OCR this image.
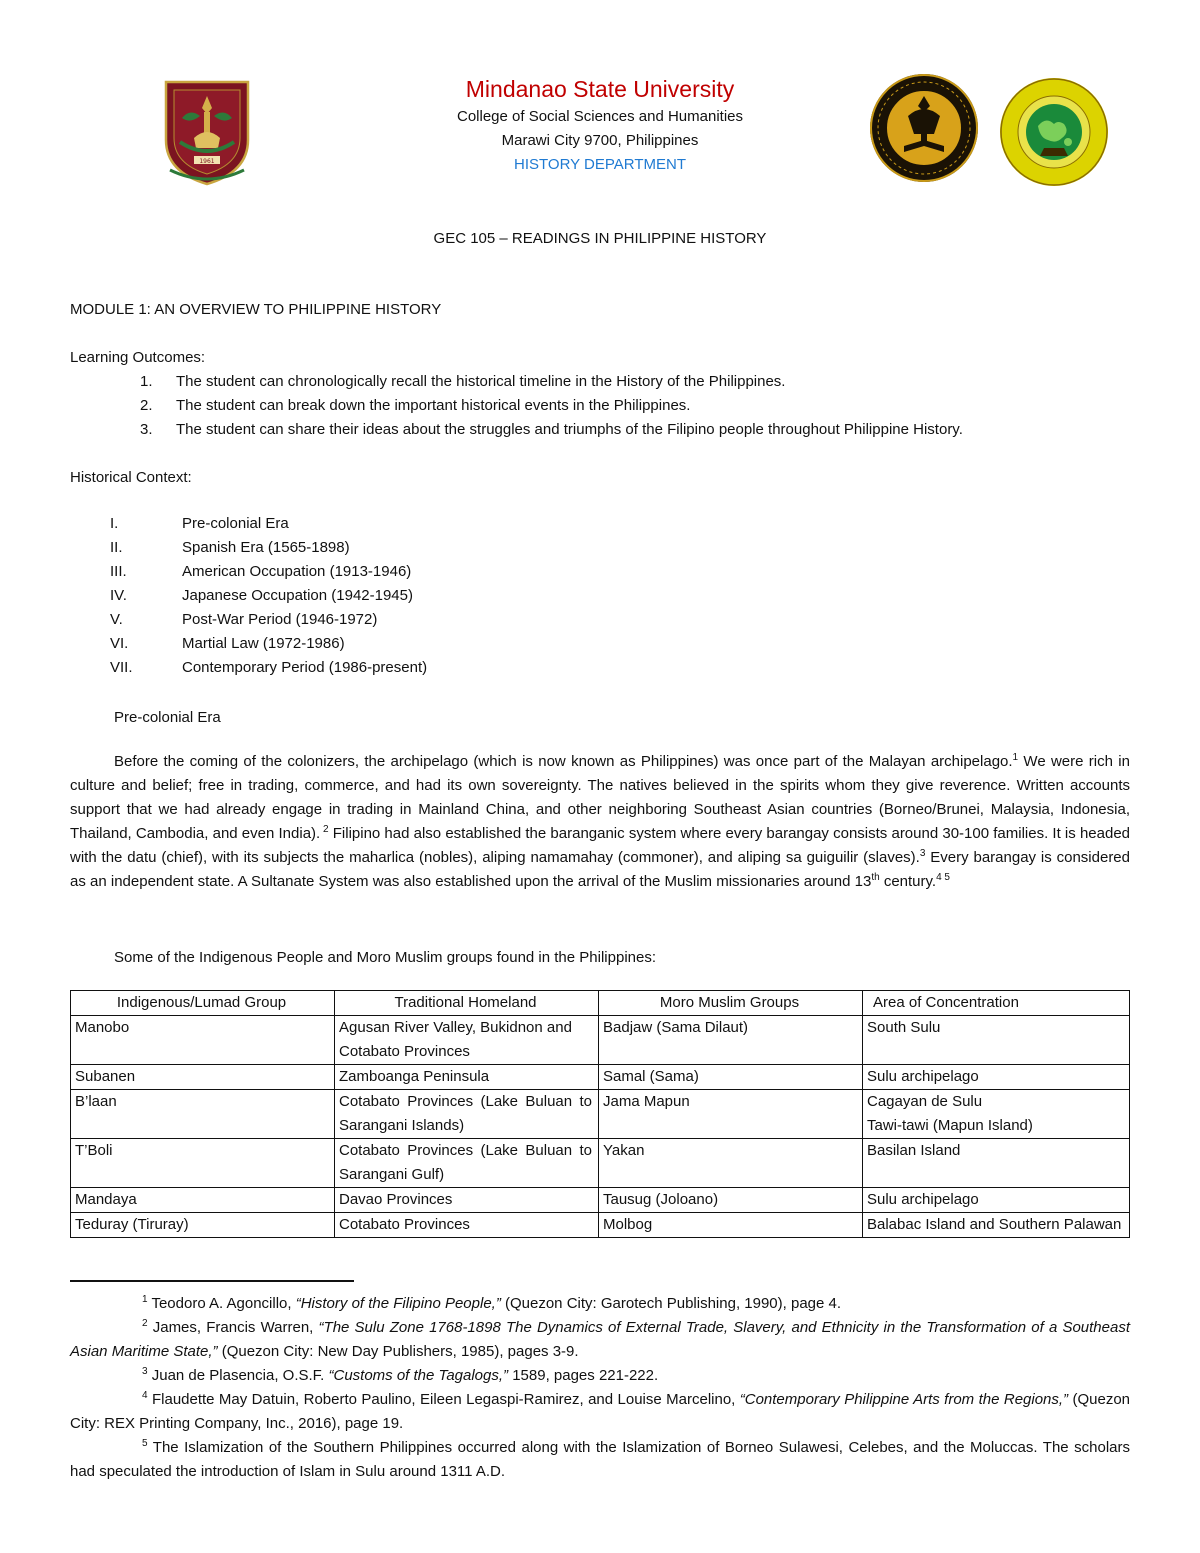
1961
Mindanao State University
College of Social Sciences and Humanities
Marawi City 9700, Philippines
HISTORY DEPARTMENT
GEC 105 – READINGS IN PHILIPPINE HISTORY
MODULE 1: AN OVERVIEW TO PHILIPPINE HISTORY
Learning Outcomes:
1.	The student can chronologically recall the historical timeline in the History of the Philippines.
2.	The student can break down the important historical events in the Philippines.
3.	The student can share their ideas about the struggles and triumphs of the Filipino people throughout Philippine History.
Historical Context:
I.	Pre-colonial Era
II.	Spanish Era (1565-1898)
III.	American Occupation (1913-1946)
IV.	Japanese Occupation (1942-1945)
V.	Post-War Period (1946-1972)
VI.	Martial Law (1972-1986)
VII.	Contemporary Period (1986-present)
Pre-colonial Era
Before the coming of the colonizers, the archipelago (which is now known as Philippines) was once part of the Malayan archipelago.$^1$ We were rich in culture and belief; free in trading, commerce, and had its own sovereignty. The natives believed in the spirits whom they give reverence. Written accounts support that we had already engage in trading in Mainland China, and other neighboring Southeast Asian countries (Borneo/Brunei, Malaysia, Indonesia, Thailand, Cambodia, and even India). $^2$ Filipino had also established the baranganic system where every barangay consists around 30-100 families. It is headed with the datu (chief), with its subjects the maharlica (nobles), aliping namamahay (commoner), and aliping sa guiguilir (slaves).$^3$ Every barangay is considered as an independent state. A Sultanate System was also established upon the arrival of the Muslim missionaries around 13th century.$^{4 5}$
Some of the Indigenous People and Moro Muslim groups found in the Philippines:
Indigenous/Lumad Group	Traditional Homeland	Moro Muslim Groups	Area of Concentration
Manobo	Agusan River Valley, Bukidnon and Cotabato Provinces	Badjaw (Sama Dilaut)	South Sulu
Subanen	Zamboanga Peninsula	Samal (Sama)	Sulu archipelago
B’laan	Cotabato Provinces (Lake Buluan to Sarangani Islands)	Jama Mapun	Cagayan de Sulu
Tawi-tawi (Mapun Island)
T’Boli	Cotabato Provinces (Lake Buluan to Sarangani Gulf)	Yakan	Basilan Island
Mandaya	Davao Provinces	Tausug (Joloano)	Sulu archipelago
Teduray (Tiruray)	Cotabato Provinces	Molbog	Balabac Island and Southern Palawan
$^1$ Teodoro A. Agoncillo, “History of the Filipino People,” (Quezon City: Garotech Publishing, 1990), page 4.
$^2$ James, Francis Warren, “The Sulu Zone 1768-1898 The Dynamics of External Trade, Slavery, and Ethnicity in the Transformation of a Southeast Asian Maritime State,” (Quezon City: New Day Publishers, 1985), pages 3-9.
$^3$ Juan de Plasencia, O.S.F. “Customs of the Tagalogs,” 1589, pages 221-222.
$^4$ Flaudette May Datuin, Roberto Paulino, Eileen Legaspi-Ramirez, and Louise Marcelino, “Contemporary Philippine Arts from the Regions,” (Quezon City: REX Printing Company, Inc., 2016), page 19.
$^5$ The Islamization of the Southern Philippines occurred along with the Islamization of Borneo Sulawesi, Celebes, and the Moluccas. The scholars had speculated the introduction of Islam in Sulu around 1311 A.D.
